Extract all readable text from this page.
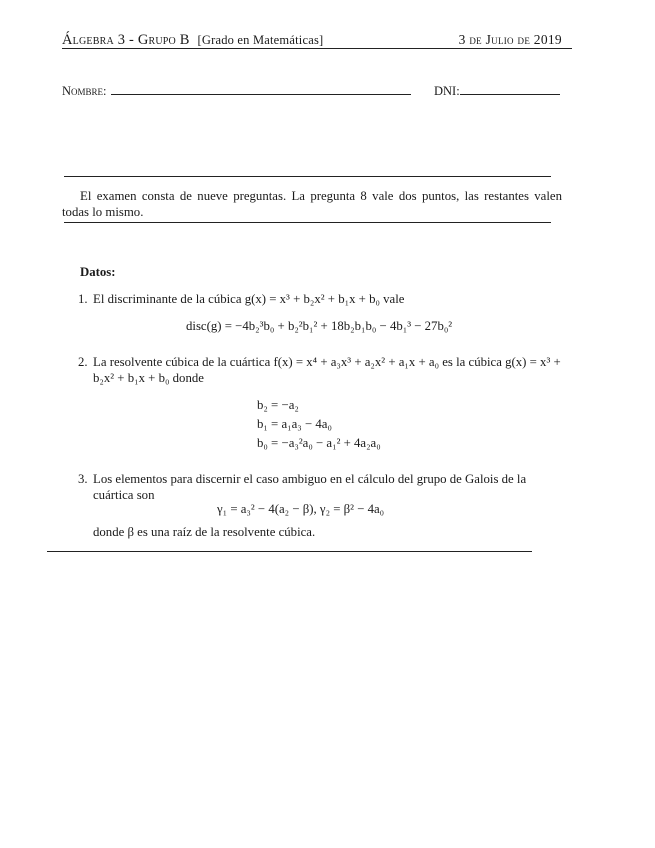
Álgebra 3 - Grupo B [Grado en Matemáticas]	3 de Julio de 2019
Nombre:	DNI:
El examen consta de nueve preguntas. La pregunta 8 vale dos puntos, las restantes valen todas lo mismo.
Datos:
1. El discriminante de la cúbica g(x) = x³ + b₂x² + b₁x + b₀ vale
disc(g) = −4b₂³b₀ + b₂²b₁² + 18b₂b₁b₀ − 4b₁³ − 27b₀²
2. La resolvente cúbica de la cuártica f(x) = x⁴ + a₃x³ + a₂x² + a₁x + a₀ es la cúbica g(x) = x³ + b₂x² + b₁x + b₀ donde
b₂ = −a₂
b₁ = a₁a₃ − 4a₀
b₀ = −a₃²a₀ − a₁² + 4a₂a₀
3. Los elementos para discernir el caso ambiguo en el cálculo del grupo de Galois de la cuártica son
γ₁ = a₃² − 4(a₂ − β), γ₂ = β² − 4a₀
donde β es una raíz de la resolvente cúbica.
